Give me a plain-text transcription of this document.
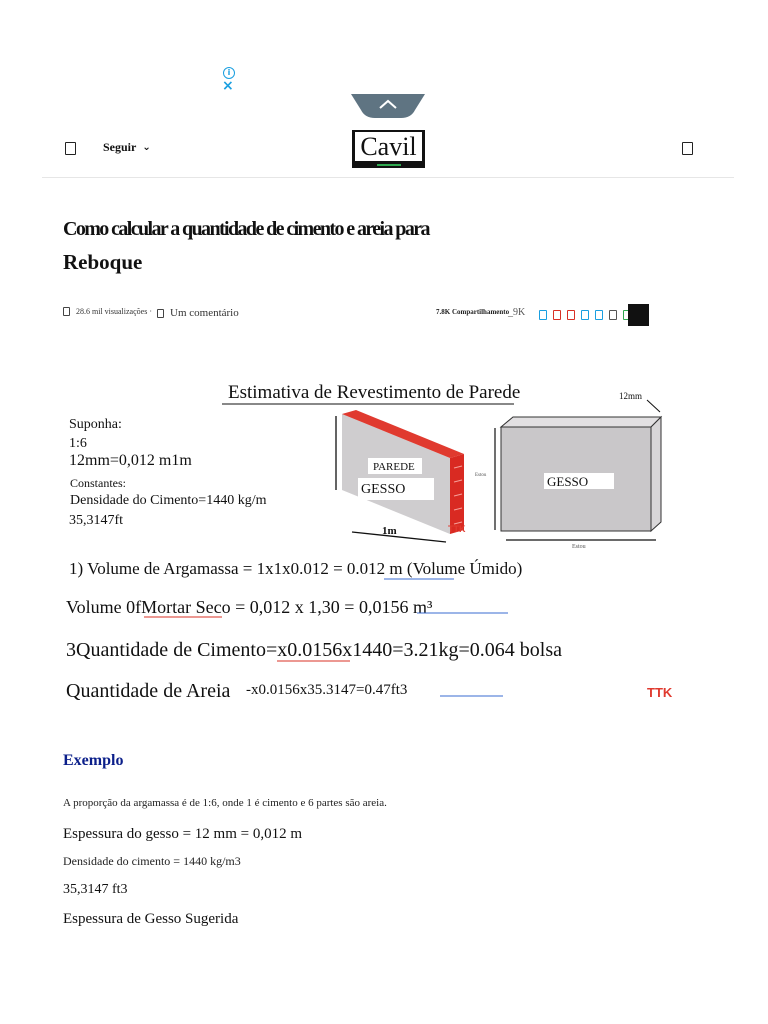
i
×
Seguir ⌄	Cavil
Como calcular a quantidade de cimento e areia para
Reboque
28.6 mil visualizações · Um comentário	7.8K Compartilhamento
_9K
Estimativa de Revestimento de Parede
Suponha:
1:6
12mm=0,012 m1m
Constantes:
Densidade do Cimento=1440 kg/m
35,3147ft
1m
PAREDE
GESSO
TTK
12mm
Estou
Estou
GESSO
1) Volume de Argamassa = 1x1x0.012 = 0.012 m (Volume Úmido)
Volume 0fMortar Seco = 0,012 x 1,30 = 0,0156 m³
3Quantidade de Cimento=x0.0156x1440=3.21kg=0.064 bolsa
Quantidade de Areia -x0.0156x35.3147=0.47ft3	TTK
Exemplo

A proporção da argamassa é de 1:6, onde 1 é cimento e 6 partes são areia.

Espessura do gesso = 12 mm = 0,012 m

Densidade do cimento = 1440 kg/m3

35,3147 ft3

Espessura de Gesso Sugerida
